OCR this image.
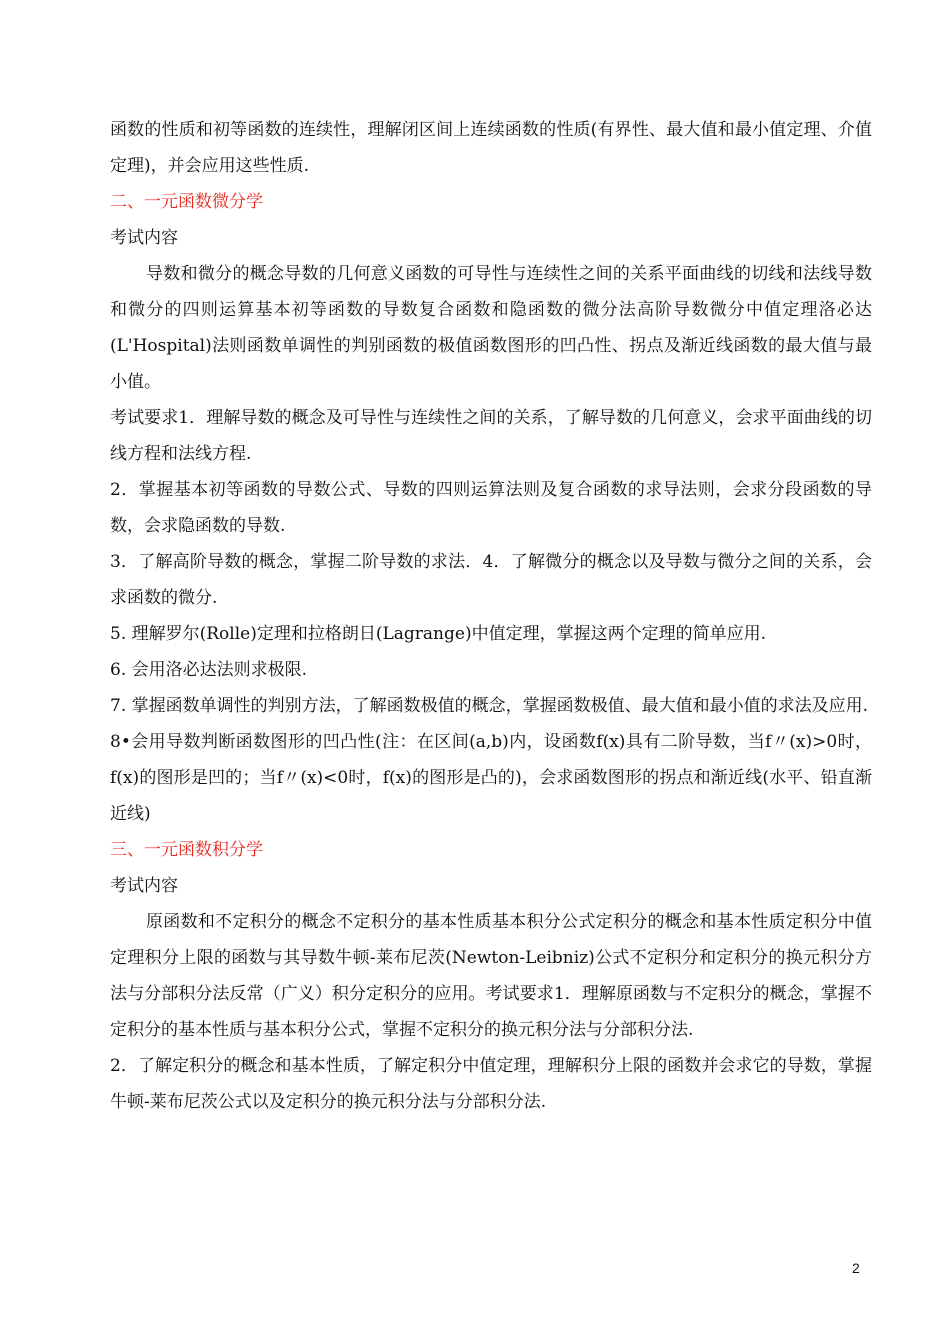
函数的性质和初等函数的连续性，理解闭区间上连续函数的性质(有界性、最大值和最小值定理、介值定理)，并会应用这些性质.

二、一元函数微分学

考试内容

导数和微分的概念导数的几何意义函数的可导性与连续性之间的关系平面曲线的切线和法线导数和微分的四则运算基本初等函数的导数复合函数和隐函数的微分法高阶导数微分中值定理洛必达(L'Hospital)法则函数单调性的判别函数的极值函数图形的凹凸性、拐点及渐近线函数的最大值与最小值。

考试要求1．理解导数的概念及可导性与连续性之间的关系，了解导数的几何意义，会求平面曲线的切线方程和法线方程.

2．掌握基本初等函数的导数公式、导数的四则运算法则及复合函数的求导法则，会求分段函数的导数，会求隐函数的导数.

3．了解高阶导数的概念，掌握二阶导数的求法．4．了解微分的概念以及导数与微分之间的关系，会求函数的微分.

5. 理解罗尔(Rolle)定理和拉格朗日(Lagrange)中值定理，掌握这两个定理的简单应用.

6. 会用洛必达法则求极限.

7. 掌握函数单调性的判别方法，了解函数极值的概念，掌握函数极值、最大值和最小值的求法及应用.

8•会用导数判断函数图形的凹凸性(注：在区间(a,b)内，设函数f(x)具有二阶导数，当f〃(x)>0时，f(x)的图形是凹的；当f〃(x)<0时，f(x)的图形是凸的)，会求函数图形的拐点和渐近线(水平、铅直渐近线)

三、一元函数积分学

考试内容

原函数和不定积分的概念不定积分的基本性质基本积分公式定积分的概念和基本性质定积分中值定理积分上限的函数与其导数牛顿-莱布尼茨(Newton-Leibniz)公式不定积分和定积分的换元积分方法与分部积分法反常（广义）积分定积分的应用。考试要求1．理解原函数与不定积分的概念，掌握不定积分的基本性质与基本积分公式，掌握不定积分的换元积分法与分部积分法.

2．了解定积分的概念和基本性质，了解定积分中值定理，理解积分上限的函数并会求它的导数，掌握牛顿-莱布尼茨公式以及定积分的换元积分法与分部积分法.

2
